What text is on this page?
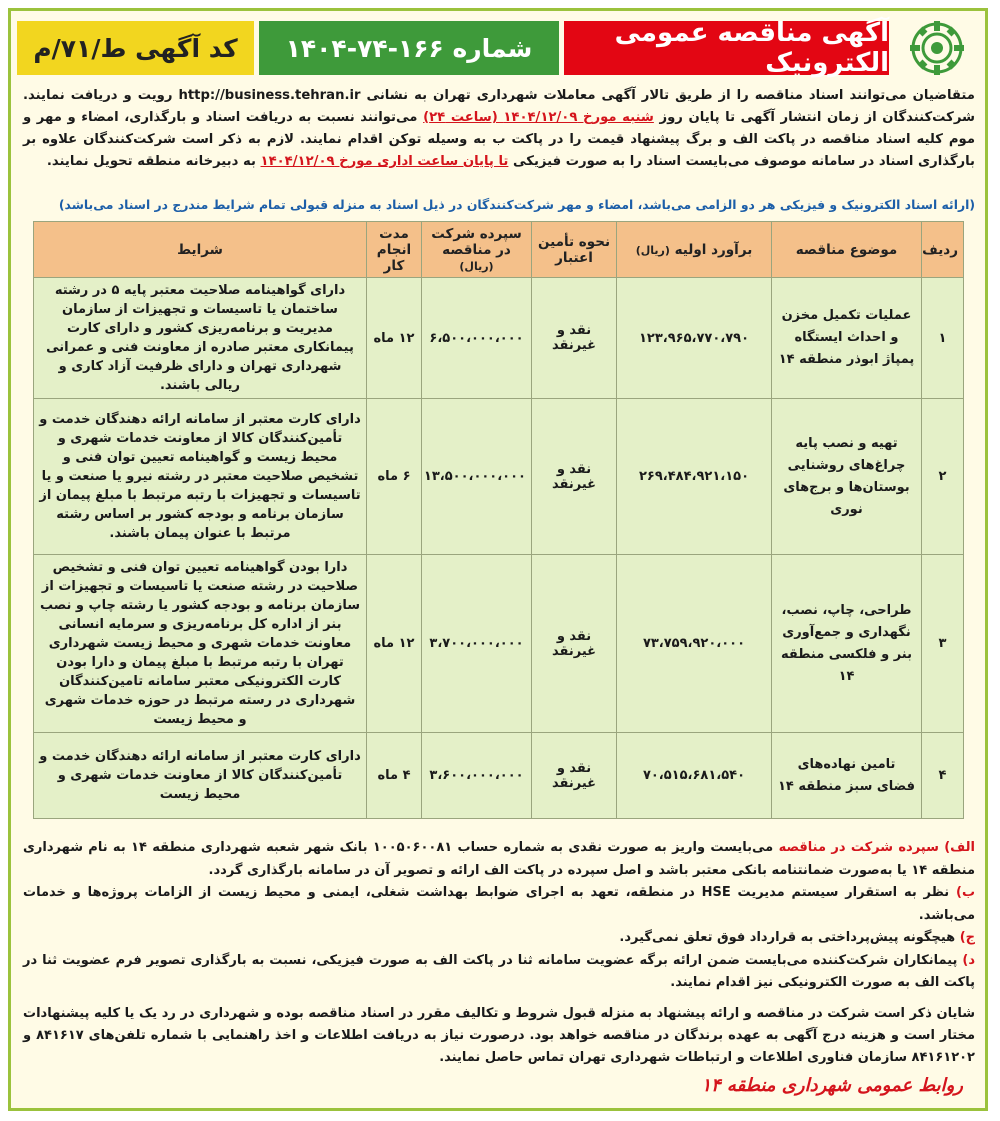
آگهی مناقصه عمومی الکترونیک
شماره ۱۶۶-۷۴-۱۴۰۴
کد آگهی ط/۷۱/م
متقاضیان می‌توانند اسناد مناقصه را از طریق تالار آگهی معاملات شهرداری تهران به نشانی http://business.tehran.ir رویت و دریافت نمایند. شرکت‌کنندگان از زمان انتشار آگهی تا پایان روز شنبه مورخ ۱۴۰۴/۱۲/۰۹ (ساعت ۲۴) می‌توانند نسبت به دریافت اسناد و بارگذاری، امضاء و مهر و موم کلیه اسناد مناقصه در پاکت الف و برگ پیشنهاد قیمت را در پاکت ب به وسیله توکن اقدام نمایند. لازم به ذکر است شرکت‌کنندگان علاوه بر بارگذاری اسناد در سامانه موصوف می‌بایست اسناد را به صورت فیزیکی تا پایان ساعت اداری مورخ ۱۴۰۴/۱۲/۰۹ به دبیرخانه منطقه تحویل نمایند.
(ارائه اسناد الکترونیک و فیزیکی هر دو الزامی می‌باشد، امضاء و مهر شرکت‌کنندگان در ذیل اسناد به منزله قبولی تمام شرایط مندرج در اسناد می‌باشد)
ردیف	موضوع مناقصه	برآورد اولیه (ریال)	نحوه تأمین اعتبار	سپرده شرکت در مناقصه (ریال)	مدت انجام کار	شرایط
۱	عملیات تکمیل مخزن و احداث ایستگاه پمپاژ ابوذر منطقه ۱۴	۱۲۳،۹۶۵،۷۷۰،۷۹۰	نقد و غیرنقد	۶،۵۰۰،۰۰۰،۰۰۰	۱۲ ماه	دارای گواهینامه صلاحیت معتبر پایه ۵ در رشته ساختمان یا تاسیسات و تجهیزات از سازمان مدیریت و برنامه‌ریزی کشور و دارای کارت پیمانکاری معتبر صادره از معاونت فنی و عمرانی شهرداری تهران و دارای ظرفیت آزاد کاری و ریالی باشند.
۲	تهیه و نصب پایه چراغ‌های روشنایی بوستان‌ها و برج‌های نوری	۲۶۹،۴۸۴،۹۲۱،۱۵۰	نقد و غیرنقد	۱۳،۵۰۰،۰۰۰،۰۰۰	۶ ماه	دارای کارت معتبر از سامانه ارائه دهندگان خدمت و تأمین‌کنندگان کالا از معاونت خدمات شهری و محیط زیست و گواهینامه تعیین توان فنی و تشخیص صلاحیت معتبر در رشته نیرو یا صنعت و یا تاسیسات و تجهیزات با رتبه مرتبط با مبلغ پیمان از سازمان برنامه و بودجه کشور بر اساس رشته مرتبط با عنوان پیمان باشند.
۳	طراحی، چاپ، نصب، نگهداری و جمع‌آوری بنر و فلکسی منطقه ۱۴	۷۳،۷۵۹،۹۲۰،۰۰۰	نقد و غیرنقد	۳،۷۰۰،۰۰۰،۰۰۰	۱۲ ماه	دارا بودن گواهینامه تعیین توان فنی و تشخیص صلاحیت در رشته صنعت یا تاسیسات و تجهیزات از سازمان برنامه و بودجه کشور یا رشته چاپ و نصب بنر از اداره کل برنامه‌ریزی و سرمایه انسانی معاونت خدمات شهری و محیط زیست شهرداری تهران با رتبه مرتبط با مبلغ پیمان و دارا بودن کارت الکترونیکی معتبر سامانه تامین‌کنندگان شهرداری در رسته مرتبط در حوزه خدمات شهری و محیط زیست
۴	تامین نهاده‌های فضای سبز منطقه ۱۴	۷۰،۵۱۵،۶۸۱،۵۴۰	نقد و غیرنقد	۳،۶۰۰،۰۰۰،۰۰۰	۴ ماه	دارای کارت معتبر از سامانه ارائه دهندگان خدمت و تأمین‌کنندگان کالا از معاونت خدمات شهری و محیط زیست

الف) سپرده شرکت در مناقصه می‌بایست واریز به صورت نقدی به شماره حساب ۱۰۰۵۰۶۰۰۸۱ بانک شهر شعبه شهرداری منطقه ۱۴ به نام شهرداری منطقه ۱۴ یا به‌صورت ضمانتنامه بانکی معتبر باشد و اصل سپرده در پاکت الف ارائه و تصویر آن در سامانه بارگذاری گردد.

ب) نظر به استقرار سیستم مدیریت HSE در منطقه، تعهد به اجرای ضوابط بهداشت شغلی، ایمنی و محیط زیست از الزامات پروژه‌ها و خدمات می‌باشد.

ج) هیچگونه پیش‌پرداختی به قرارداد فوق تعلق نمی‌گیرد.

د) پیمانکاران شرکت‌کننده می‌بایست ضمن ارائه برگه عضویت سامانه ثنا در پاکت الف به صورت فیزیکی، نسبت به بارگذاری تصویر فرم عضویت ثنا در پاکت الف به صورت الکترونیکی نیز اقدام نمایند.

شایان ذکر است شرکت در مناقصه و ارائه پیشنهاد به منزله قبول شروط و تکالیف مقرر در اسناد مناقصه بوده و شهرداری در رد یک یا کلیه پیشنهادات مختار است و هزینه درج آگهی به عهده برندگان در مناقصه خواهد بود. درصورت نیاز به دریافت اطلاعات و اخذ راهنمایی با شماره تلفن‌های ۸۴۱۶۱۷ و ۸۴۱۶۱۲۰۲ سازمان فناوری اطلاعات و ارتباطات شهرداری تهران تماس حاصل نمایند.
روابط عمومی شهرداری منطقه ۱۴
